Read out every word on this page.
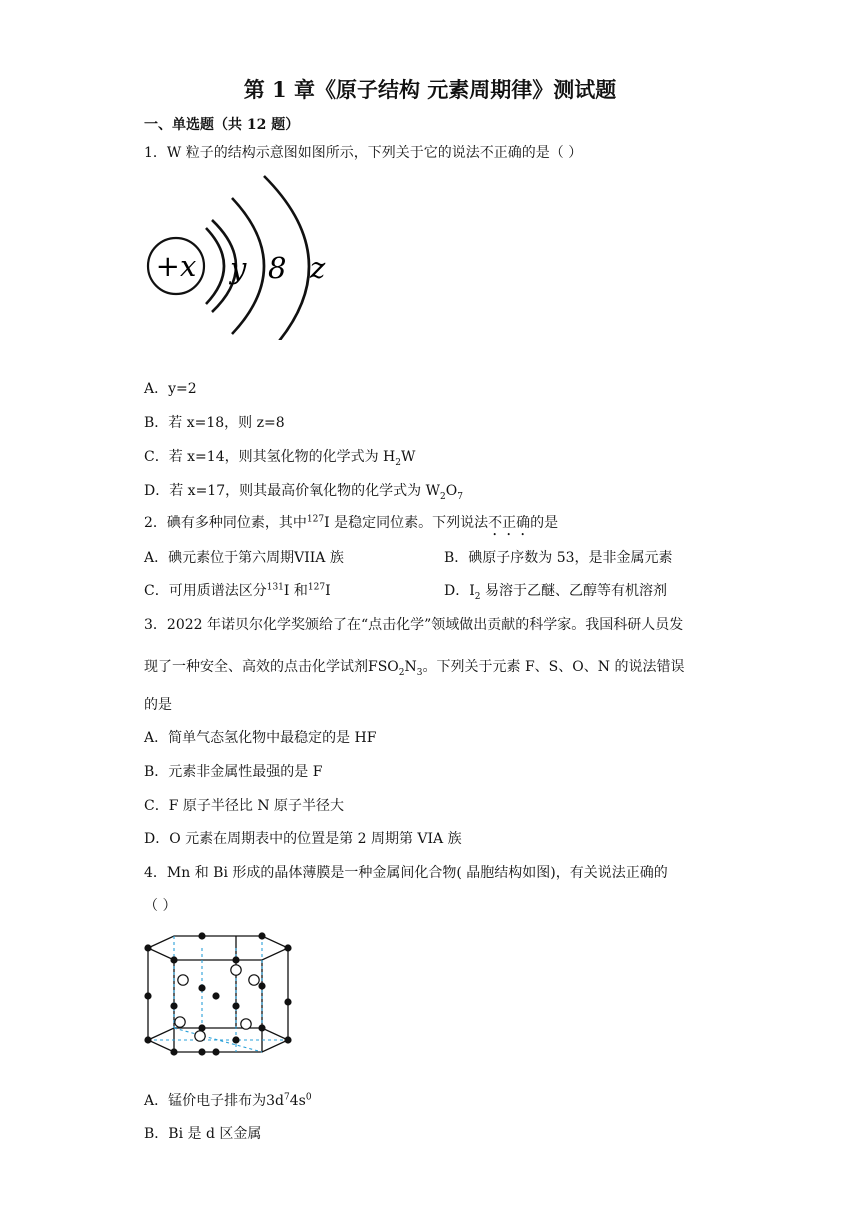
第 1 章《原子结构 元素周期律》测试题
一、单选题（共 12 题）
1．W 粒子的结构示意图如图所示，下列关于它的说法不正确的是（ ）
+x y 8 z
A．y=2
B．若 x=18，则 z=8
C．若 x=14，则其氢化物的化学式为 $H_2W$
D．若 x=17，则其最高价氧化物的化学式为 $W_2O_7$
2．碘有多种同位素，其中$^{127}$I 是稳定同位素。下列说法不正确的是
A．碘元素位于第六周期VIIA 族	B．碘原子序数为 53，是非金属元素
C．可用质谱法区分$^{131}$I 和$^{127}$I	D．$I_2$ 易溶于乙醚、乙醇等有机溶剂
3．2022 年诺贝尔化学奖颁给了在“点击化学”领域做出贡献的科学家。我国科研人员发
现了一种安全、高效的点击化学试剂$FSO_2N_3$。下列关于元素 F、S、O、N 的说法错误
的是
A．简单气态氢化物中最稳定的是 HF
B．元素非金属性最强的是 F
C．F 原子半径比 N 原子半径大
D．O 元素在周期表中的位置是第 2 周期第 VIA 族
4．Mn 和 Bi 形成的晶体薄膜是一种金属间化合物( 晶胞结构如图)，有关说法正确的
（ ）
A．锰价电子排布为$3d^74s^0$
B．Bi 是 d 区金属
